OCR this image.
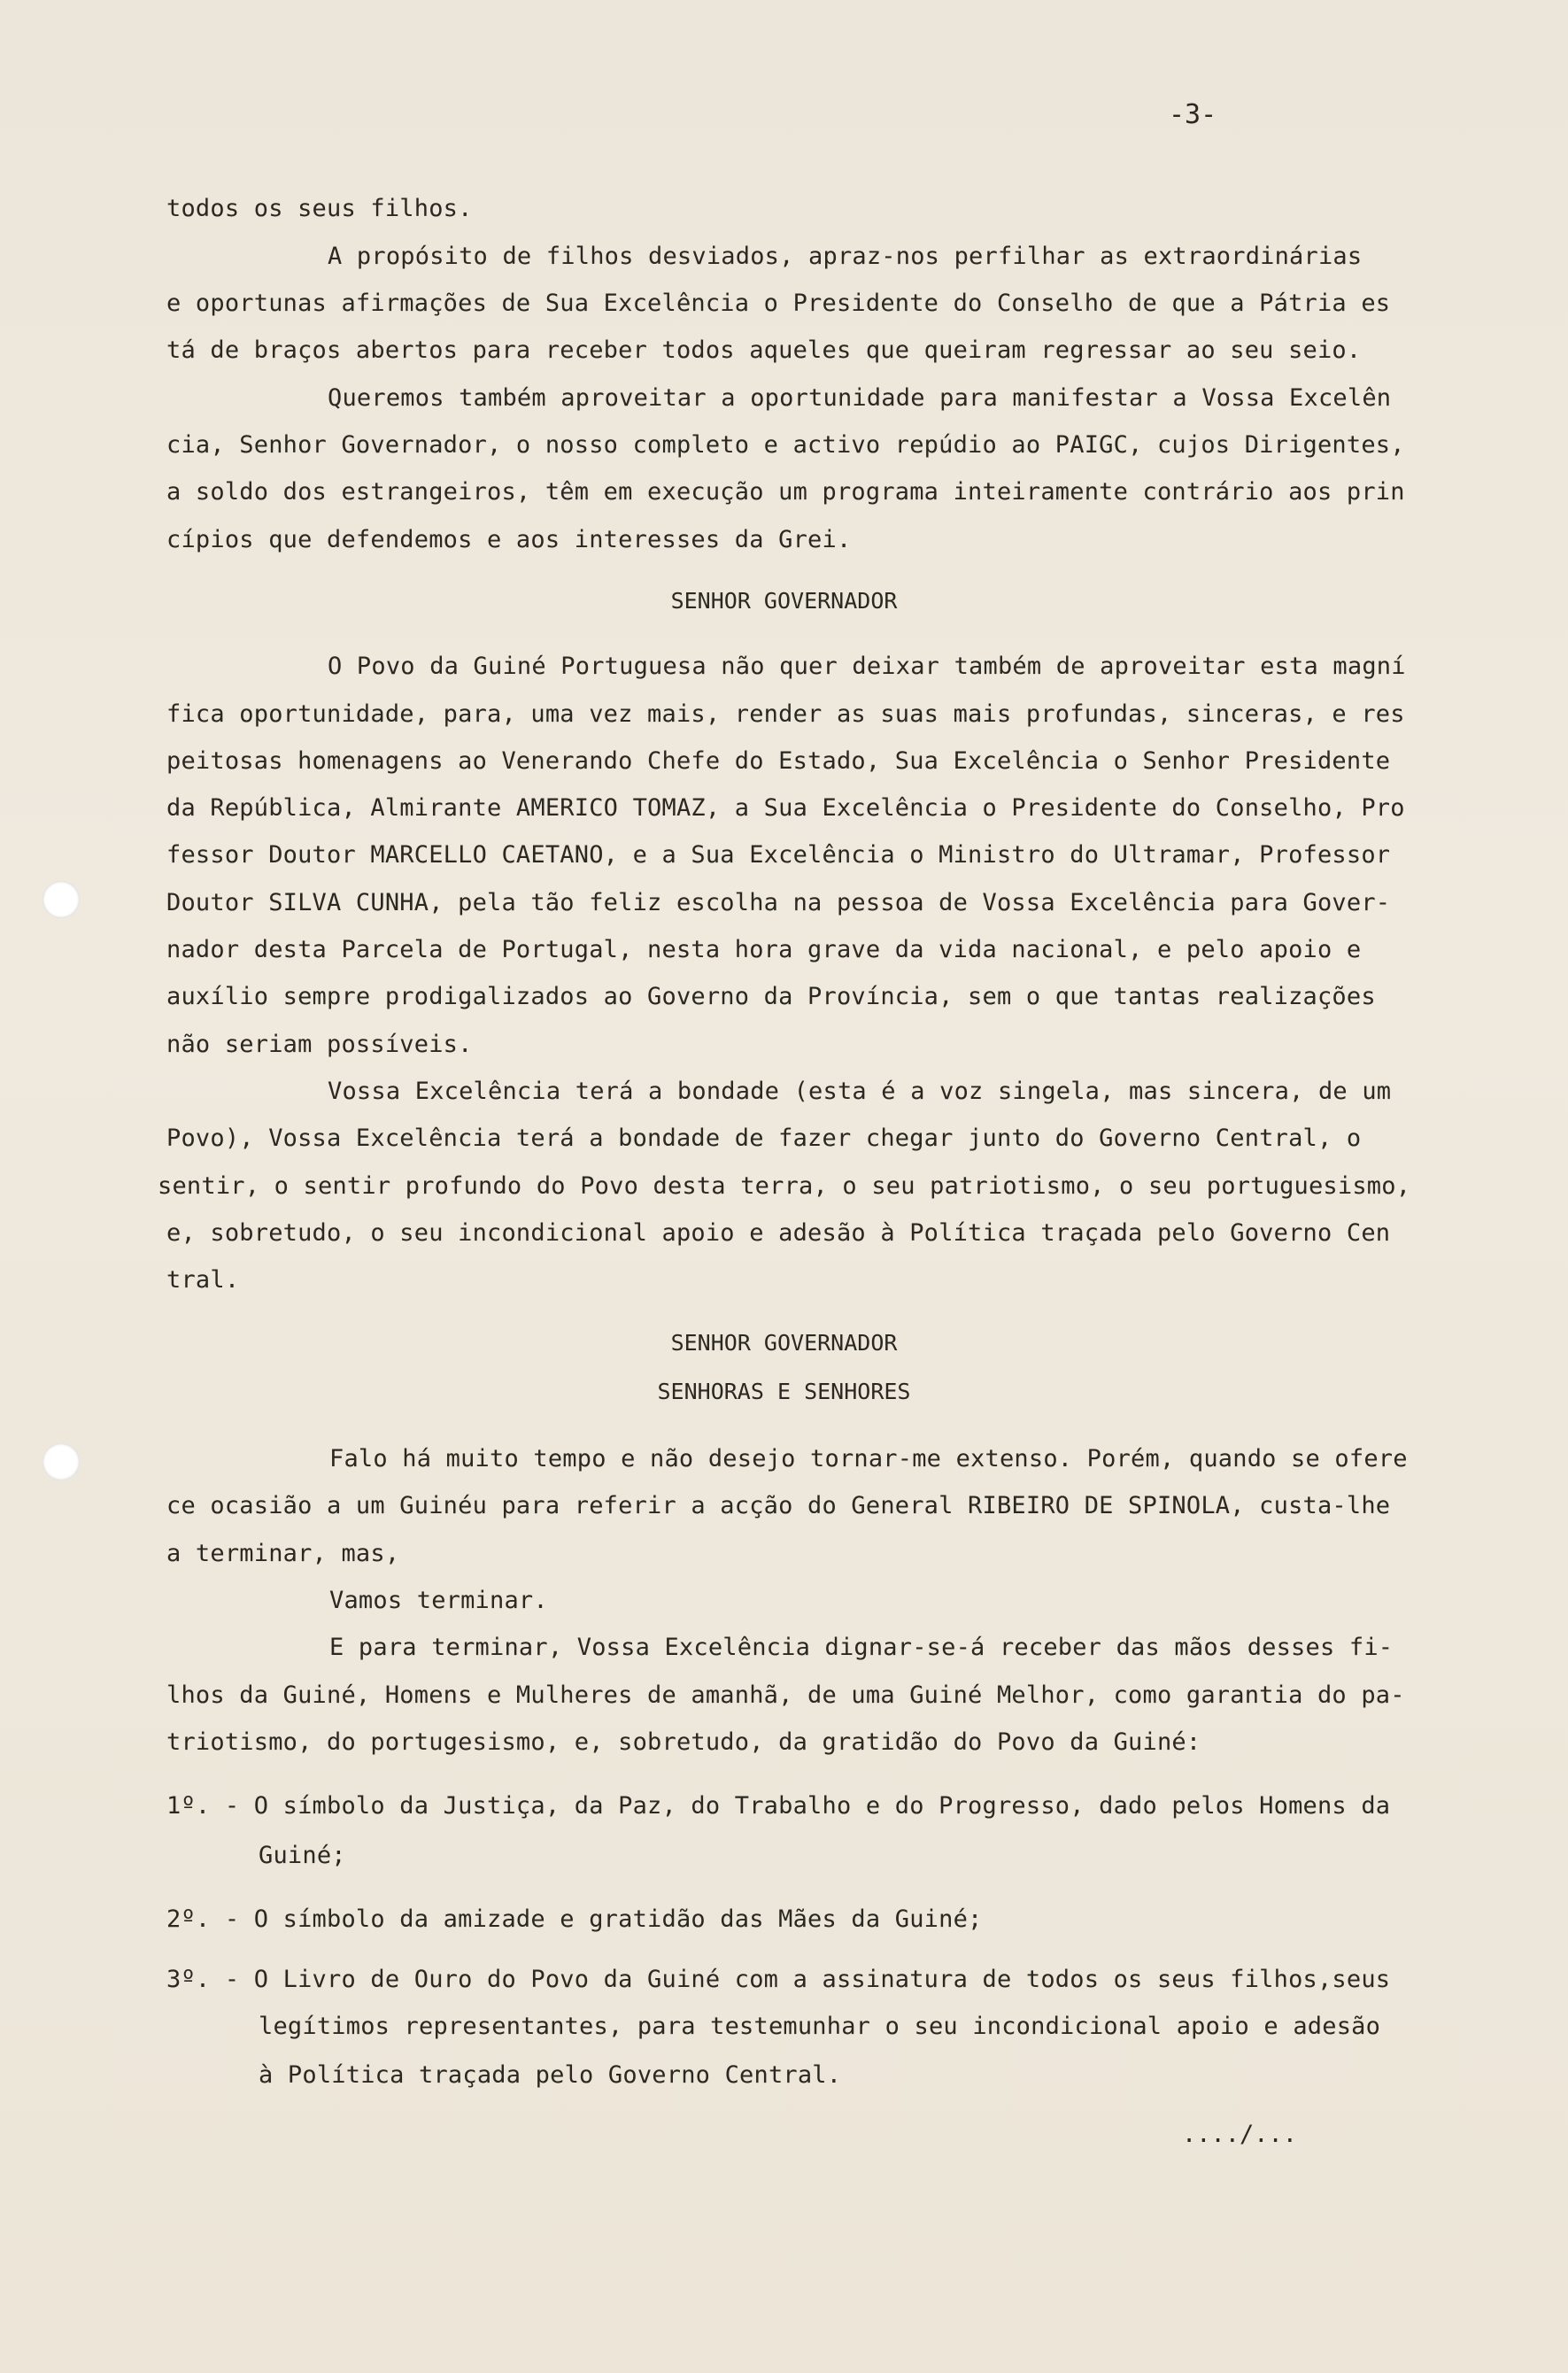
-3-

todos os seus filhos.

A propósito de filhos desviados, apraz-nos perfilhar as extraordinárias

e oportunas afirmações de Sua Excelência o Presidente do Conselho de que a Pátria es

tá de braços abertos para receber todos aqueles que queiram regressar ao seu seio.

Queremos também aproveitar a oportunidade para manifestar a Vossa Excelên

cia, Senhor Governador, o nosso completo e activo repúdio ao PAIGC, cujos Dirigentes,

a soldo dos estrangeiros, têm em execução um programa inteiramente contrário aos prin

cípios que defendemos e aos interesses da Grei.

SENHOR GOVERNADOR

O Povo da Guiné Portuguesa não quer deixar também de aproveitar esta magní

fica oportunidade, para, uma vez mais, render as suas mais profundas, sinceras, e res

peitosas homenagens ao Venerando Chefe do Estado, Sua Excelência o Senhor Presidente

da República, Almirante AMERICO TOMAZ, a Sua Excelência o Presidente do Conselho, Pro

fessor Doutor MARCELLO CAETANO, e a Sua Excelência o Ministro do Ultramar, Professor

Doutor SILVA CUNHA, pela tão feliz escolha na pessoa de Vossa Excelência para Gover-

nador desta Parcela de Portugal, nesta hora grave da vida nacional, e pelo apoio e

auxílio sempre prodigalizados ao Governo da Província, sem o que tantas realizações

não seriam possíveis.

Vossa Excelência terá a bondade (esta é a voz singela, mas sincera, de um

Povo), Vossa Excelência terá a bondade de fazer chegar junto do Governo Central, o

sentir, o sentir profundo do Povo desta terra, o seu patriotismo, o seu portuguesismo,

e, sobretudo, o seu incondicional apoio e adesão à Política traçada pelo Governo Cen

tral.

SENHOR GOVERNADOR

SENHORAS E SENHORES

Falo há muito tempo e não desejo tornar-me extenso. Porém, quando se ofere

ce ocasião a um Guinéu para referir a acção do General RIBEIRO DE SPINOLA, custa-lhe

a terminar, mas,

Vamos terminar.

E para terminar, Vossa Excelência dignar-se-á receber das mãos desses fi-

lhos da Guiné, Homens e Mulheres de amanhã, de uma Guiné Melhor, como garantia do pa-

triotismo, do portugesismo, e, sobretudo, da gratidão do Povo da Guiné:

1º. - O símbolo da Justiça, da Paz, do Trabalho e do Progresso, dado pelos Homens da

Guiné;

2º. - O símbolo da amizade e gratidão das Mães da Guiné;

3º. - O Livro de Ouro do Povo da Guiné com a assinatura de todos os seus filhos,seus

legítimos representantes, para testemunhar o seu incondicional apoio e adesão

à Política traçada pelo Governo Central.

..../...
